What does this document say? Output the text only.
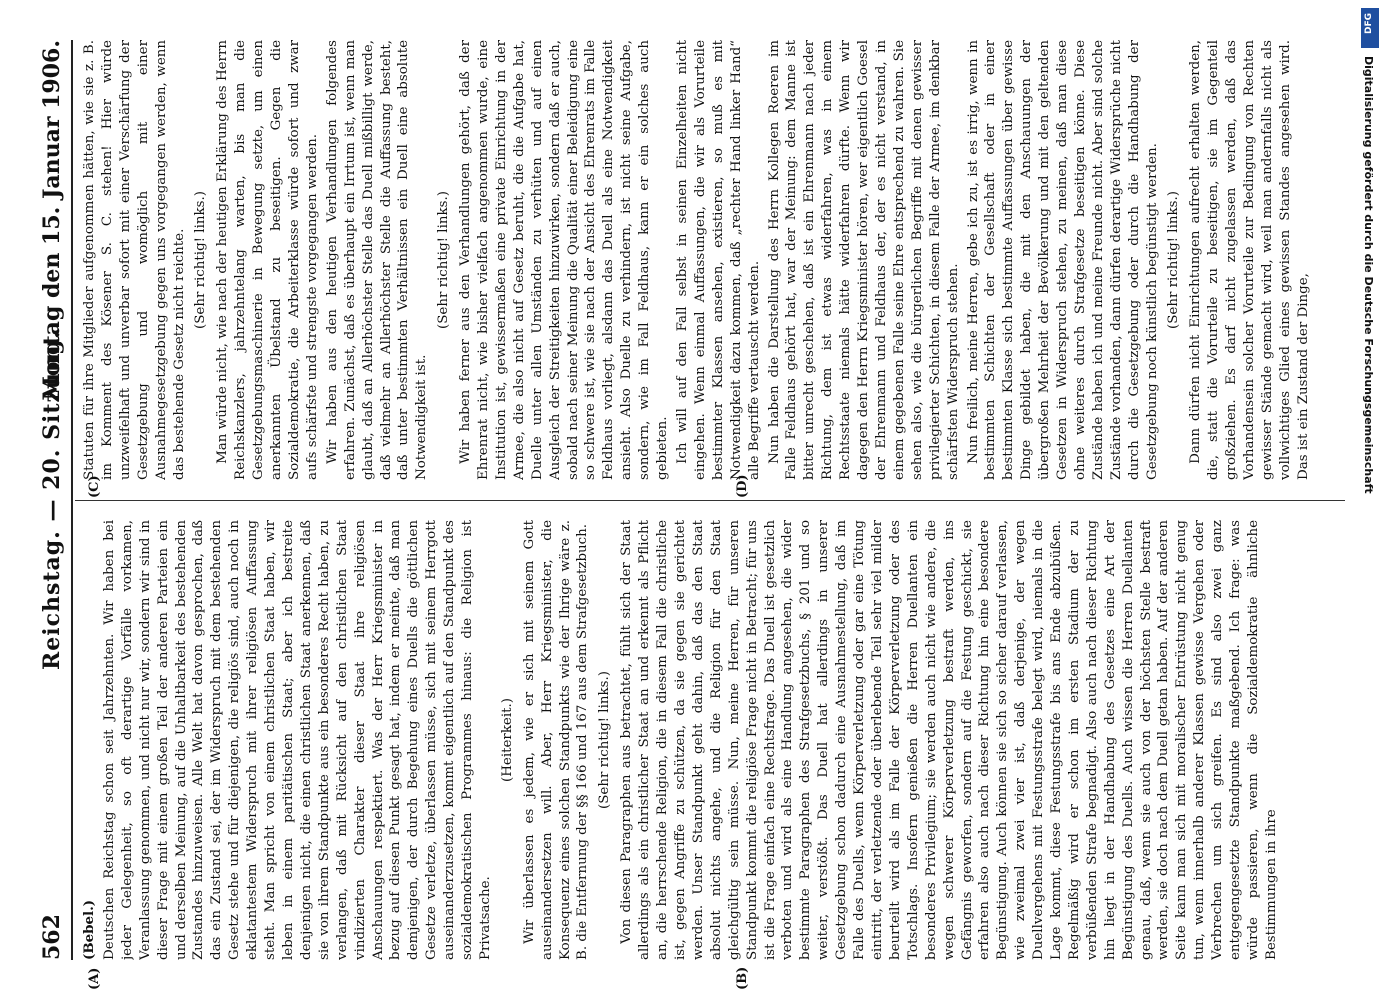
562
Reichstag. — 20. Sitzung.
Montag den 15. Januar 1906.
(A)	(B)
(C)	(D)

(Bebel.) Deutschen Reichstag schon seit Jahrzehnten. Wir haben bei jeder Gelegenheit, so oft derartige Vorfälle vorkamen, Veranlassung genommen, und nicht nur wir, sondern wir sind in dieser Frage mit einem großen Teil der anderen Parteien ein und derselben Meinung, auf die Unhaltbarkeit des bestehenden Zustandes hinzuweisen. Alle Welt hat davon gesprochen, daß das ein Zustand sei, der im Widerspruch mit dem bestehenden Gesetz stehe und für diejenigen, die religiös sind, auch noch in eklatantestem Widerspruch mit ihrer religiösen Auffassung steht. Man spricht von einem christlichen Staat haben, wir leben in einem paritätischen Staat; aber ich bestreite denjenigen nicht, die einen christlichen Staat anerkennen, daß sie von ihrem Standpunkte aus ein besonderes Recht haben, zu verlangen, daß mit Rücksicht auf den christlichen Staat vindizierten Charakter dieser Staat ihre religiösen Anschauungen respektiert. Was der Herr Kriegsminister in bezug auf diesen Punkt gesagt hat, indem er meinte, daß man demjenigen, der durch Begehung eines Duells die göttlichen Gesetze verletze, überlassen müsse, sich mit seinem Herrgott auseinanderzusetzen, kommt eigentlich auf den Standpunkt des sozialdemokratischen Programmes hinaus: die Religion ist Privatsache.

(Heiterkeit.) Wir überlassen es jedem, wie er sich mit seinem Gott auseinandersetzen will. Aber, Herr Kriegsminister, die Konsequenz eines solchen Standpunkts wie der Ihrige wäre z. B. die Entfernung der §§ 166 und 167 aus dem Strafgesetzbuch. (Sehr richtig! links.) Von diesen Paragraphen aus betrachtet, fühlt sich der Staat allerdings als ein christlicher Staat an und erkennt als Pflicht an, die herrschende Religion, die in diesem Fall die christliche ist, gegen Angriffe zu schützen, da sie gegen sie gerichtet werden. Unser Standpunkt geht dahin, daß das den Staat absolut nichts angehe, und die Religion für den Staat gleichgültig sein müsse. Nun, meine Herren, für unseren Standpunkt kommt die religiöse Frage nicht in Betracht; für uns ist die Frage einfach eine Rechtsfrage. Das Duell ist gesetzlich verboten und wird als eine Handlung angesehen, die wider bestimmte Paragraphen des Strafgesetzbuchs, § 201 und so weiter, verstößt. Das Duell hat allerdings in unserer Gesetzgebung schon dadurch eine Ausnahmestellung, daß im Falle des Duells, wenn Körperverletzung oder gar eine Tötung eintritt, der verletzende oder überlebende Teil sehr viel milder beurteilt wird als im Falle der Körperverletzung oder des Totschlags. Insofern genießen die Herren Duellanten ein besonderes Privilegium; sie werden auch nicht wie andere, die wegen schwerer Körperverletzung bestraft werden, ins Gefängnis geworfen, sondern auf die Festung geschickt, sie erfahren also auch nach dieser Richtung hin eine besondere Begünstigung. Auch können sie sich so sicher darauf verlassen, wie zweimal zwei vier ist, daß derjenige, der wegen Duellvergehens mit Festungsstrafe belegt wird, niemals in die Lage kommt, diese Festungsstrafe bis ans Ende abzubüßen. Regelmäßig wird er schon im ersten Stadium der zu verbüßenden Strafe begnadigt. Also auch nach dieser Richtung hin liegt in der Handhabung des Gesetzes eine Art der Begünstigung des Duells. Auch wissen die Herren Duellanten genau, daß, wenn sie auch von der höchsten Stelle bestraft werden, sie doch nach dem Duell getan haben. Auf der anderen Seite kann man sich mit moralischer Entrüstung nicht genug tun, wenn innerhalb anderer Klassen gewisse Vergehen oder Verbrechen um sich greifen. Es sind also zwei ganz entgegengesetzte Standpunkte maßgebend. Ich frage: was würde passieren, wenn die Sozialdemokratie ähnliche Bestimmungen in ihre

Statuten für ihre Mitglieder aufgenommen hätten, wie sie z. B. im Komment des Kösener S. C. stehen! Hier würde unzweifelhaft und unverbar sofort mit einer Verschärfung der Gesetzgebung und womöglich mit einer Ausnahmegesetzgebung gegen uns vorgegangen werden, wenn das bestehende Gesetz nicht reichte. (Sehr richtig! links.) Man würde nicht, wie nach der heutigen Erklärung des Herrn Reichskanzlers, jahrzehntelang warten, bis man die Gesetzgebungsmaschinerie in Bewegung setzte, um einen anerkannten Übelstand zu beseitigen. Gegen die Sozialdemokratie, die Arbeiterklasse würde sofort und zwar aufs schärfste und strengste vorgegangen werden. Wir haben aus den heutigen Verhandlungen folgendes erfahren. Zunächst, daß es überhaupt ein Irrtum ist, wenn man glaubt, daß an Allerhöchster Stelle das Duell mißbilligt werde, daß vielmehr an Allerhöchster Stelle die Auffassung besteht, daß unter bestimmten Verhältnissen ein Duell eine absolute Notwendigkeit ist.

(Sehr richtig! links.) Wir haben ferner aus den Verhandlungen gehört, daß der Ehrenrat nicht, wie bisher vielfach angenommen wurde, eine Institution ist, gewissermaßen eine private Einrichtung in der Armee, die also nicht auf Gesetz beruht, die die Aufgabe hat, Duelle unter allen Umständen zu verhüten und auf einen Ausgleich der Streitigkeiten hinzuwirken, sondern daß er auch, sobald nach seiner Meinung die Qualität einer Beleidigung eine so schwere ist, wie sie nach der Ansicht des Ehrenrats im Falle Feldhaus vorliegt, alsdann das Duell als eine Notwendigkeit ansieht. Also Duelle zu verhindern, ist nicht seine Aufgabe, sondern, wie im Fall Feldhaus, kann er ein solches auch gebieten. Ich will auf den Fall selbst in seinen Einzelheiten nicht eingehen. Wenn einmal Auffassungen, die wir als Vorurteile bestimmter Klassen ansehen, existieren, so muß es mit Notwendigkeit dazu kommen, daß „rechter Hand linker Hand“ alle Begriffe vertauscht werden. Nun haben die Darstellung des Herrn Kollegen Roeren im Falle Feldhaus gehört hat, war der Meinung: dem Manne ist bitter unrecht geschehen, daß ist ein Ehrenmann nach jeder Richtung, dem ist etwas widerfahren, was in einem Rechtsstaate niemals hätte widerfahren dürfte. Wenn wir dagegen den Herrn Kriegsminister hören, wer eigentlich Goesel der Ehrenmann und Feldhaus der, der es nicht verstand, in einem gegebenen Falle seine Ehre entsprechend zu wahren. Sie sehen also, wie die bürgerlichen Begriffe mit denen gewisser privilegierter Schichten, in diesem Falle der Armee, im denkbar schärfsten Widerspruch stehen. Nun freilich, meine Herren, gebe ich zu, ist es irrig, wenn in bestimmten Schichten der Gesellschaft oder in einer bestimmten Klasse sich bestimmte Auffassungen über gewisse Dinge gebildet haben, die mit den Anschauungen der übergroßen Mehrheit der Bevölkerung und mit den geltenden Gesetzen in Widerspruch stehen, zu meinen, daß man diese ohne weiteres durch Strafgesetze beseitigen könne. Diese Zustände haben ich und meine Freunde nicht. Aber sind solche Zustände vorhanden, dann dürfen derartige Widersprüche nicht durch die Gesetzgebung oder durch die Handhabung der Gesetzgebung noch künstlich begünstigt werden. (Sehr richtig! links.) Dann dürfen nicht Einrichtungen aufrecht erhalten werden, die, statt die Vorurteile zu beseitigen, sie im Gegenteil großziehen. Es darf nicht zugelassen werden, daß das Vorhandensein solcher Vorurteile zur Bedingung von Rechten gewisser Stände gemacht wird, weil man andernfalls nicht als vollwichtiges Glied eines gewissen Standes angesehen wird. Das ist ein Zustand der Dinge,

DFG
Digitalisierung gefördert durch die Deutsche Forschungsgemeinschaft
